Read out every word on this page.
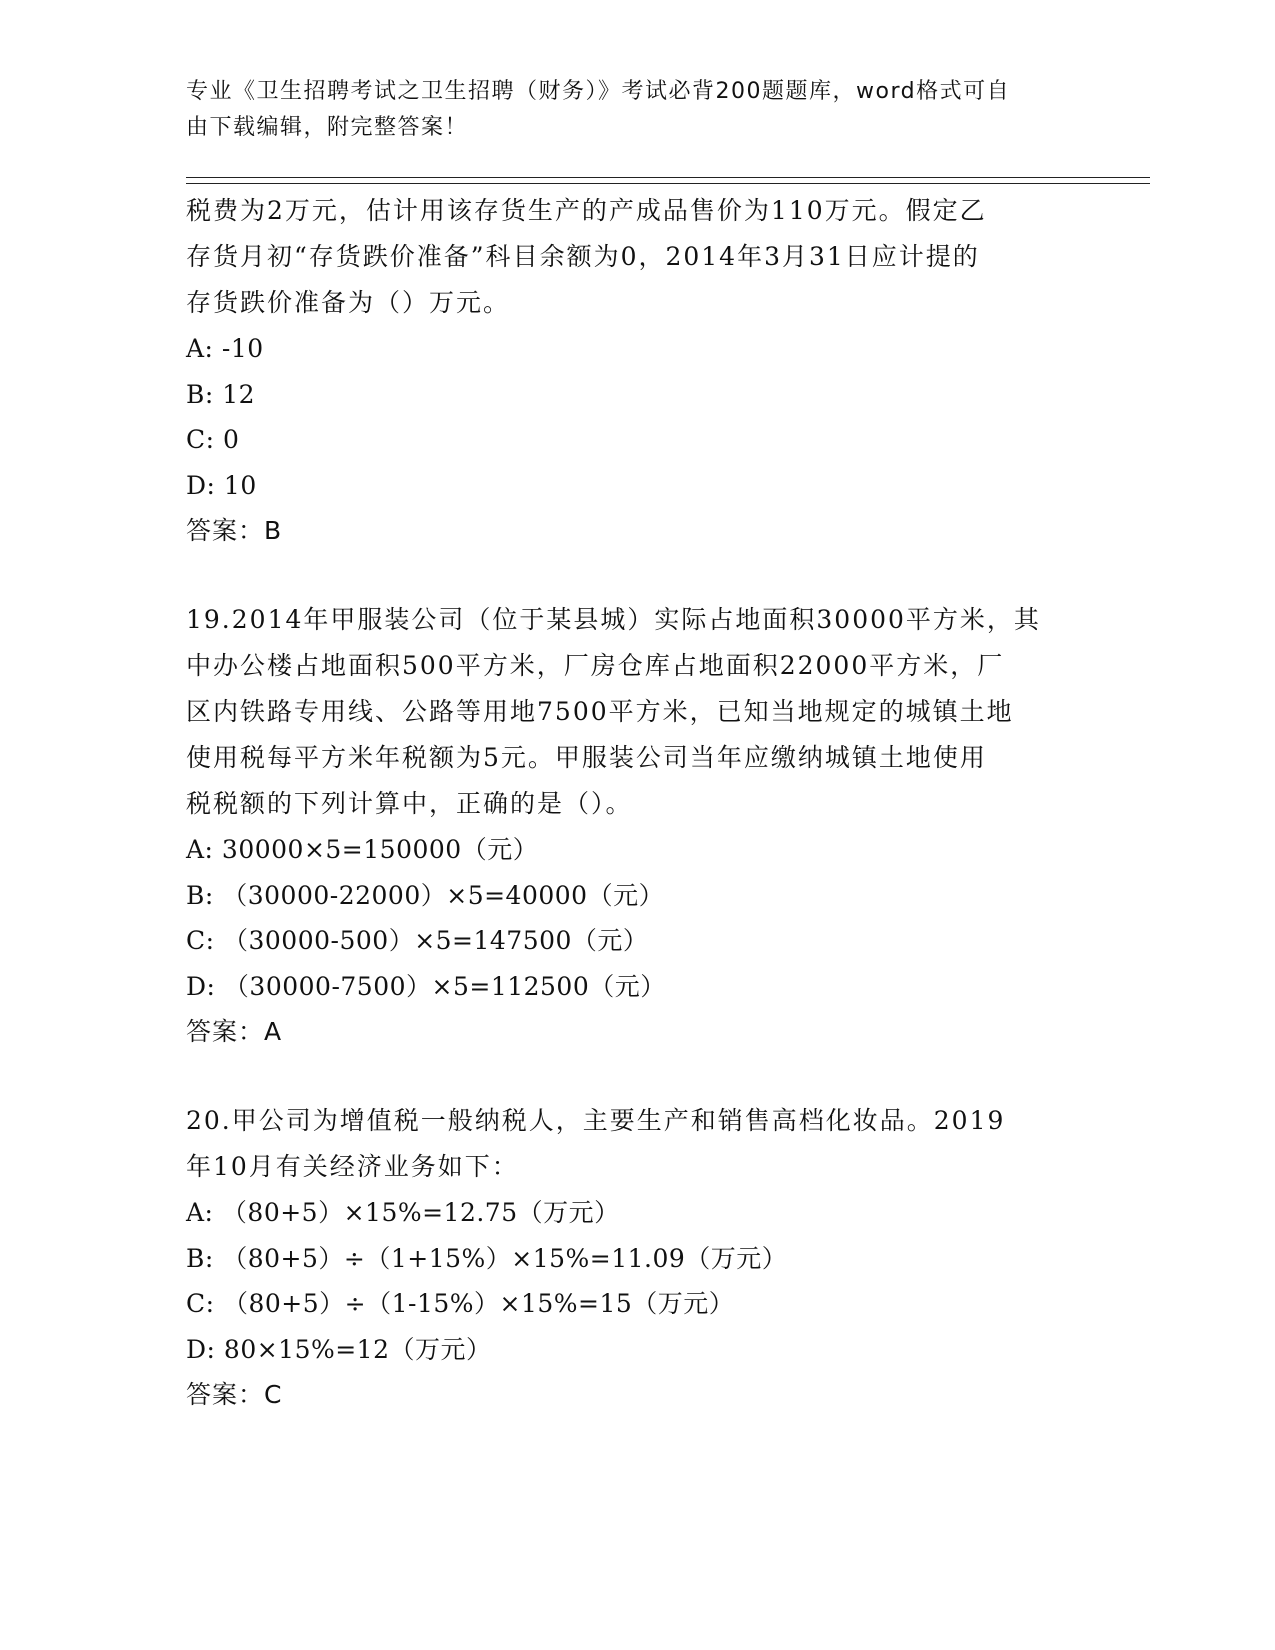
专业《卫生招聘考试之卫生招聘（财务）》考试必背200题题库，word格式可自
由下载编辑，附完整答案！

税费为2万元，估计用该存货生产的产成品售价为110万元。假定乙

存货月初“存货跌价准备”科目余额为0，2014年3月31日应计提的

存货跌价准备为（）万元。

A: -10

B: 12

C: 0

D: 10

答案：B

19.2014年甲服装公司（位于某县城）实际占地面积30000平方米，其

中办公楼占地面积500平方米，厂房仓库占地面积22000平方米，厂

区内铁路专用线、公路等用地7500平方米，已知当地规定的城镇土地

使用税每平方米年税额为5元。甲服装公司当年应缴纳城镇土地使用

税税额的下列计算中，正确的是（）。

A: 30000×5=150000（元）

B: （30000-22000）×5=40000（元）

C: （30000-500）×5=147500（元）

D: （30000-7500）×5=112500（元）

答案：A

20.甲公司为增值税一般纳税人，主要生产和销售高档化妆品。2019

年10月有关经济业务如下：

A: （80+5）×15%=12.75（万元）

B: （80+5）÷（1+15%）×15%=11.09（万元）

C: （80+5）÷（1-15%）×15%=15（万元）

D: 80×15%=12（万元）

答案：C
